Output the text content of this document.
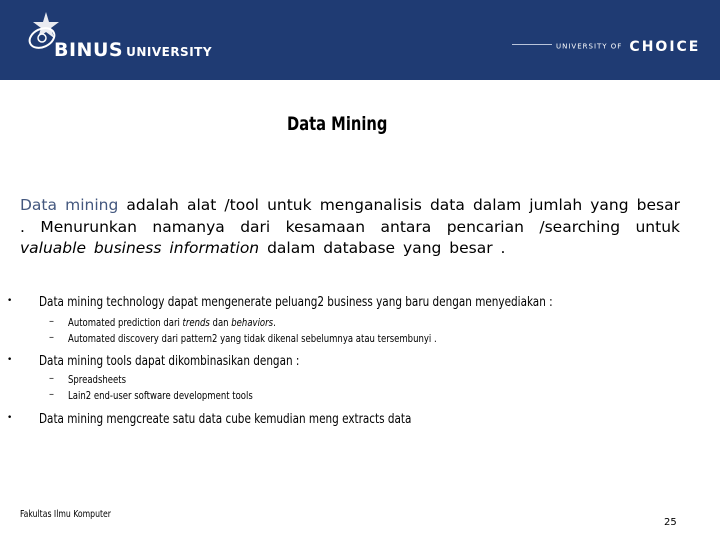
BINUS UNIVERSITY	UNIVERSITY OF CHOICE
Data Mining

Data mining adalah alat /tool untuk menganalisis data dalam jumlah yang besar . Menurunkan namanya dari kesamaan antara pencarian /searching untuk valuable business information dalam database yang besar .

• Data mining technology dapat mengenerate peluang2 business yang baru dengan menyediakan :

– Automated prediction dari trends dan behaviors.

– Automated discovery dari pattern2 yang tidak dikenal sebelumnya atau tersembunyi .

• Data mining tools dapat dikombinasikan dengan :

– Spreadsheets

– Lain2 end-user software development tools

• Data mining mengcreate satu data cube kemudian meng extracts data

Fakultas Ilmu Komputer

25
